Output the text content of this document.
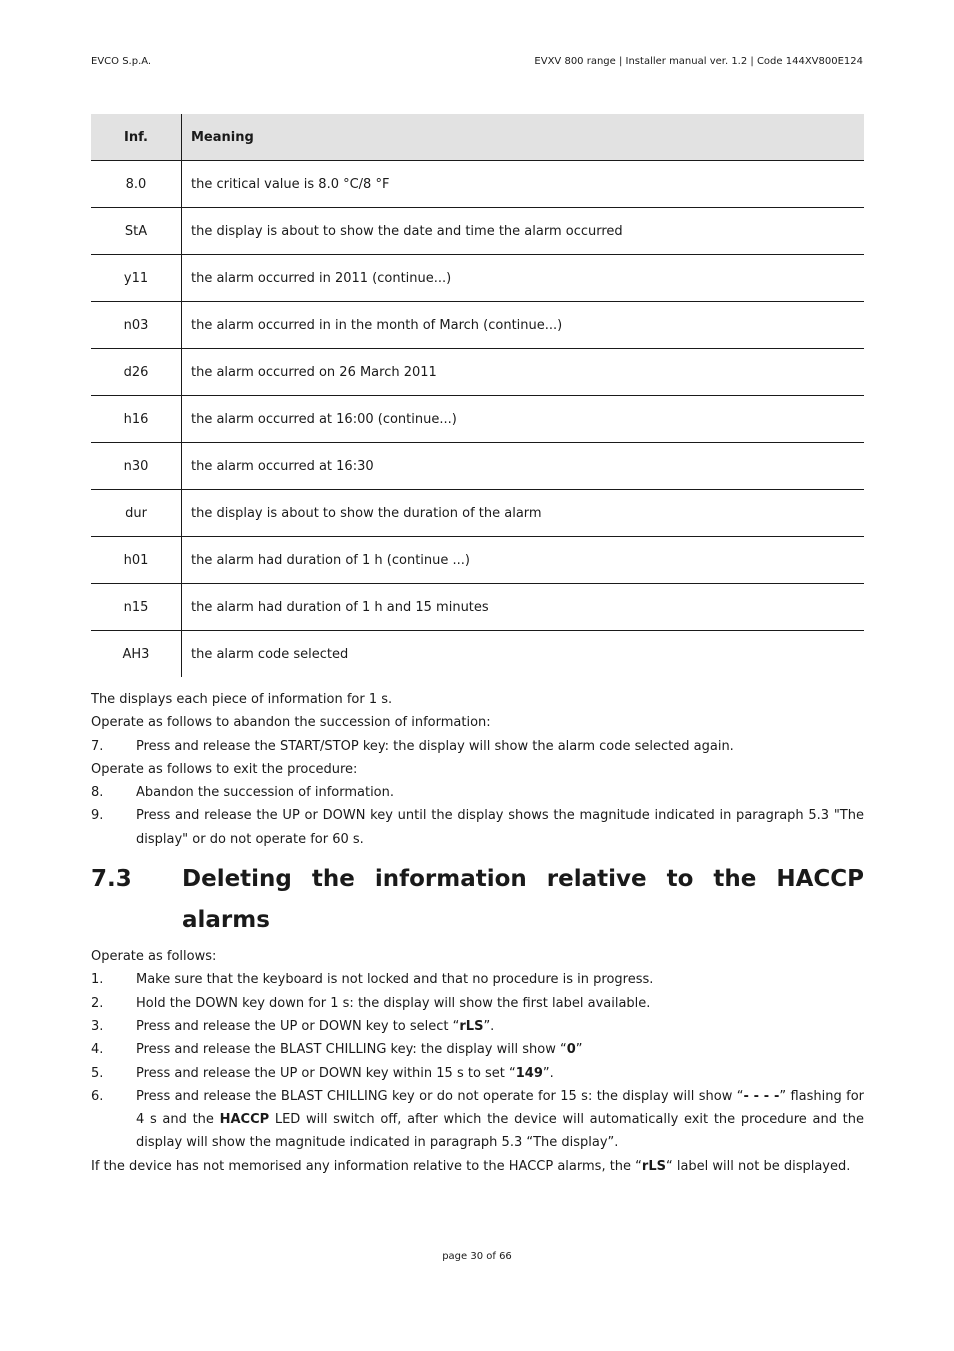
EVCO S.p.A.	EVXV 800 range | Installer manual ver. 1.2 | Code 144XV800E124
Inf.	Meaning
8.0	the critical value is 8.0 °C/8 °F
StA	the display is about to show the date and time the alarm occurred
y11	the alarm occurred in 2011 (continue...)
n03	the alarm occurred in in the month of March (continue...)
d26	the alarm occurred on 26 March 2011
h16	the alarm occurred at 16:00 (continue...)
n30	the alarm occurred at 16:30
dur	the display is about to show the duration of the alarm
h01	the alarm had duration of 1 h (continue ...)
n15	the alarm had duration of 1 h and 15 minutes
AH3	the alarm code selected
The displays each piece of information for 1 s.
Operate as follows to abandon the succession of information:
7.	Press and release the START/STOP key: the display will show the alarm code selected again.
Operate as follows to exit the procedure:
8.	Abandon the succession of information.
9.	Press and release the UP or DOWN key until the display shows the magnitude indicated in paragraph 5.3 "The display" or do not operate for 60 s.
7.3	Deleting the information relative to the HACCP alarms
Operate as follows:
1.	Make sure that the keyboard is not locked and that no procedure is in progress.
2.	Hold the DOWN key down for 1 s: the display will show the first label available.
3.	Press and release the UP or DOWN key to select “rLS”.
4.	Press and release the BLAST CHILLING key: the display will show “0”
5.	Press and release the UP or DOWN key within 15 s to set “149”.
6.	Press and release the BLAST CHILLING key or do not operate for 15 s: the display will show “- - - -” flashing for 4 s and the HACCP LED will switch off, after which the device will automatically exit the procedure and the display will show the magnitude indicated in paragraph 5.3 “The display”.
If the device has not memorised any information relative to the HACCP alarms, the “rLS“ label will not be displayed.
page 30 of 66
